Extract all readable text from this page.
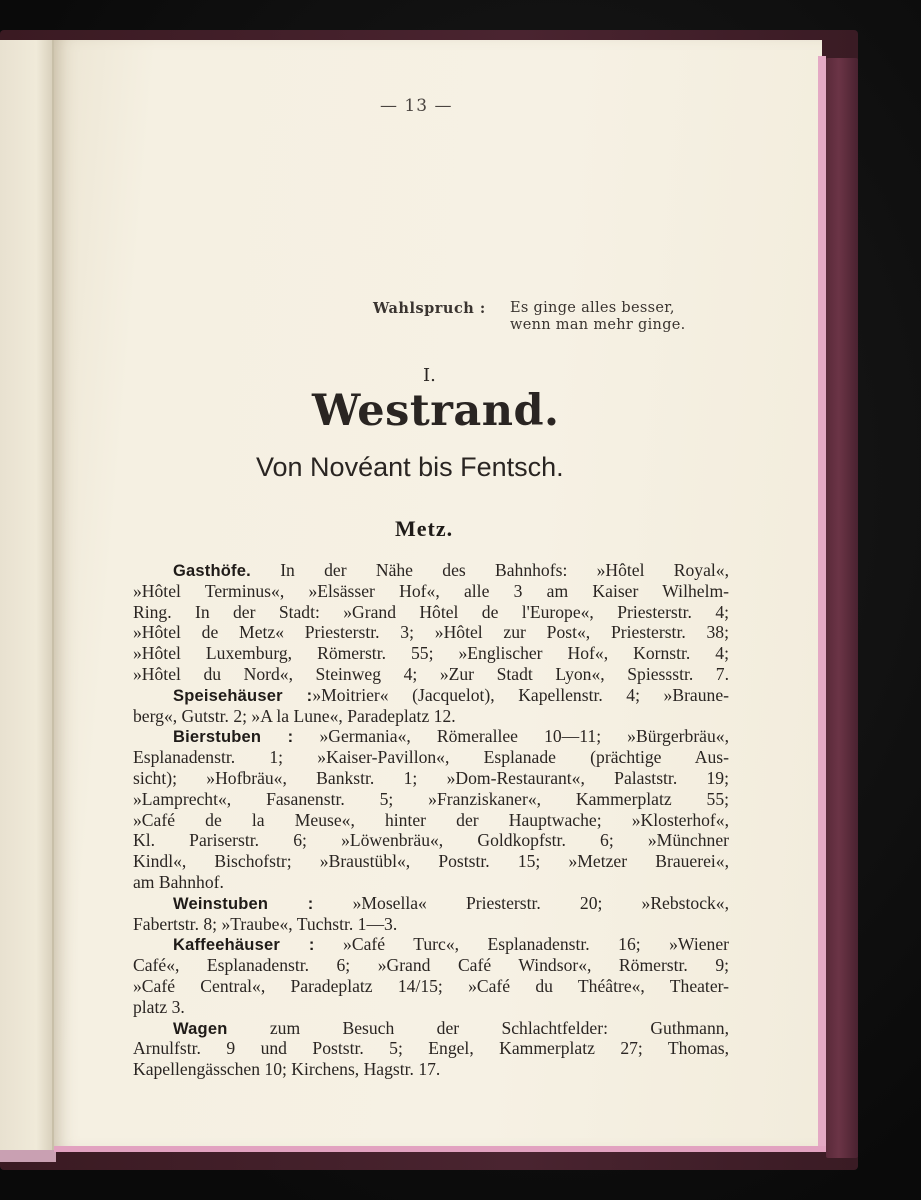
— 13 —
Wahlspruch : Es ginge alles besser,
wenn man mehr ginge.
I.
Westrand.
Von Novéant bis Fentsch.
Metz.
Gasthöfe. In der Nähe des Bahnhofs: »Hôtel Royal«,
»Hôtel Terminus«, »Elsässer Hof«, alle 3 am Kaiser Wilhelm-
Ring. In der Stadt: »Grand Hôtel de l'Europe«, Priesterstr. 4;
»Hôtel de Metz« Priesterstr. 3; »Hôtel zur Post«, Priesterstr. 38;
»Hôtel Luxemburg, Römerstr. 55; »Englischer Hof«, Kornstr. 4;
»Hôtel du Nord«, Steinweg 4; »Zur Stadt Lyon«, Spiessstr. 7.
Speisehäuser :»Moitrier« (Jacquelot), Kapellenstr. 4; »Braune-
berg«, Gutstr. 2; »A la Lune«, Paradeplatz 12.
Bierstuben : »Germania«, Römerallee 10—11; »Bürgerbräu«,
Esplanadenstr. 1; »Kaiser-Pavillon«, Esplanade (prächtige Aus-
sicht); »Hofbräu«, Bankstr. 1; »Dom-Restaurant«, Palaststr. 19;
»Lamprecht«, Fasanenstr. 5; »Franziskaner«, Kammerplatz 55;
»Café de la Meuse«, hinter der Hauptwache; »Klosterhof«,
Kl. Pariserstr. 6; »Löwenbräu«, Goldkopfstr. 6; »Münchner
Kindl«, Bischofstr; »Braustübl«, Poststr. 15; »Metzer Brauerei«,
am Bahnhof.
Weinstuben : »Mosella« Priesterstr. 20; »Rebstock«,
Fabertstr. 8; »Traube«, Tuchstr. 1—3.
Kaffeehäuser : »Café Turc«, Esplanadenstr. 16; »Wiener
Café«, Esplanadenstr. 6; »Grand Café Windsor«, Römerstr. 9;
»Café Central«, Paradeplatz 14/15; »Café du Théâtre«, Theater-
platz 3.
Wagen zum Besuch der Schlachtfelder: Guthmann,
Arnulfstr. 9 und Poststr. 5; Engel, Kammerplatz 27; Thomas,
Kapellengässchen 10; Kirchens, Hagstr. 17.
